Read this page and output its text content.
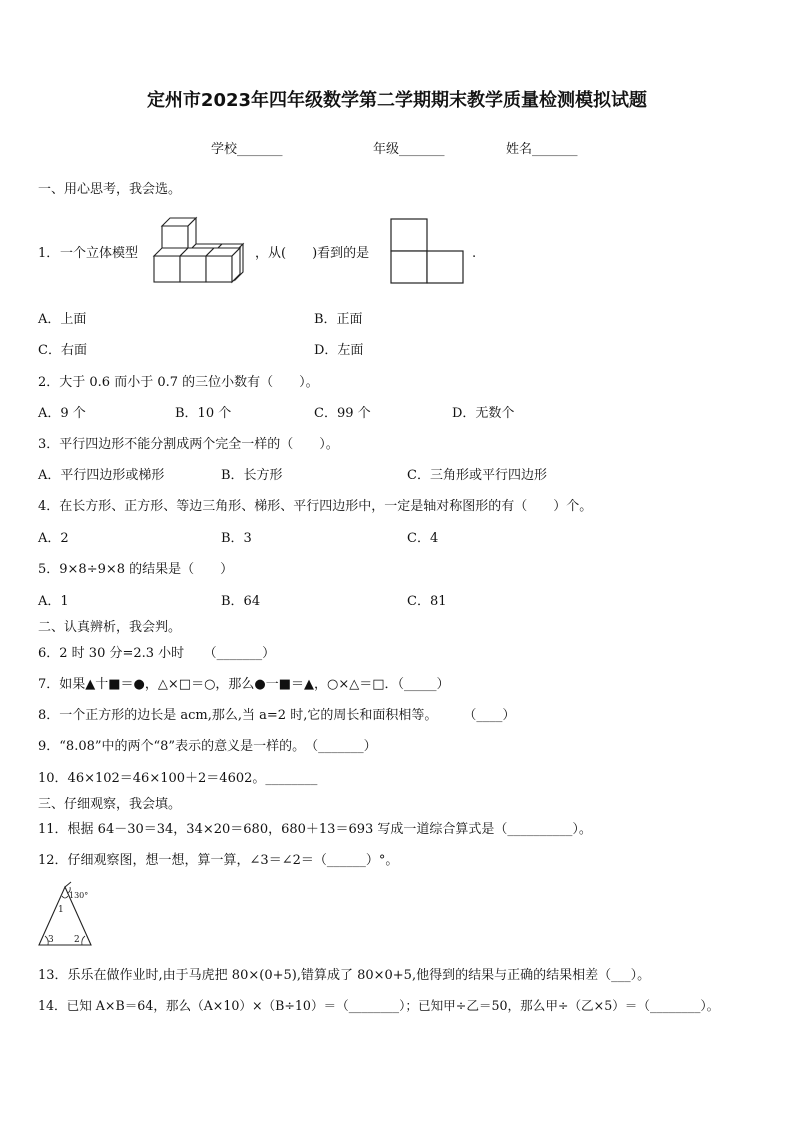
定州市2023年四年级数学第二学期期末教学质量检测模拟试题
学校_______	年级_______	姓名_______
一、用心思考，我会选。
1． 一个立体模型	，从(　　)看到的是	.
A．上面	B．正面
C．右面	D．左面
2．大于 0.6 而小于 0.7 的三位小数有（　　）。
A．9 个	B．10 个	C．99 个	D．无数个
3．平行四边形不能分割成两个完全一样的（　　）。
A．平行四边形或梯形	B．长方形	C．三角形或平行四边形
4．在长方形、正方形、等边三角形、梯形、平行四边形中，一定是轴对称图形的有（　　）个。
A．2	B．3	C．4
5．9×8÷9×8 的结果是（　　）
A．1	B．64	C．81
二、认真辨析，我会判。
6．2 时 30 分=2.3 小时　　（_______）
7．如果▲十■＝●，△×□＝○，那么●一■＝▲，○×△＝□．（_____）
8．一个正方形的边长是 acm,那么,当 a=2 时,它的周长和面积相等。　　　（____）
9．“8.08”中的两个“8”表示的意义是一样的。　（_______）
10．46×102＝46×100＋2＝4602。________
三、仔细观察，我会填。
11．根据 64－30＝34，34×20＝680，680＋13＝693 写成一道综合算式是（__________）。
12．仔细观察图，想一想，算一算，∠3＝∠2＝（______）°。
130°
1
3 2
13．乐乐在做作业时,由于马虎把 80×(0+5),错算成了 80×0+5,他得到的结果与正确的结果相差（___）。
14．已知 A×B＝64，那么（A×10）×（B÷10）＝（________）；已知甲÷乙＝50，那么甲÷（乙×5）＝（________）。
